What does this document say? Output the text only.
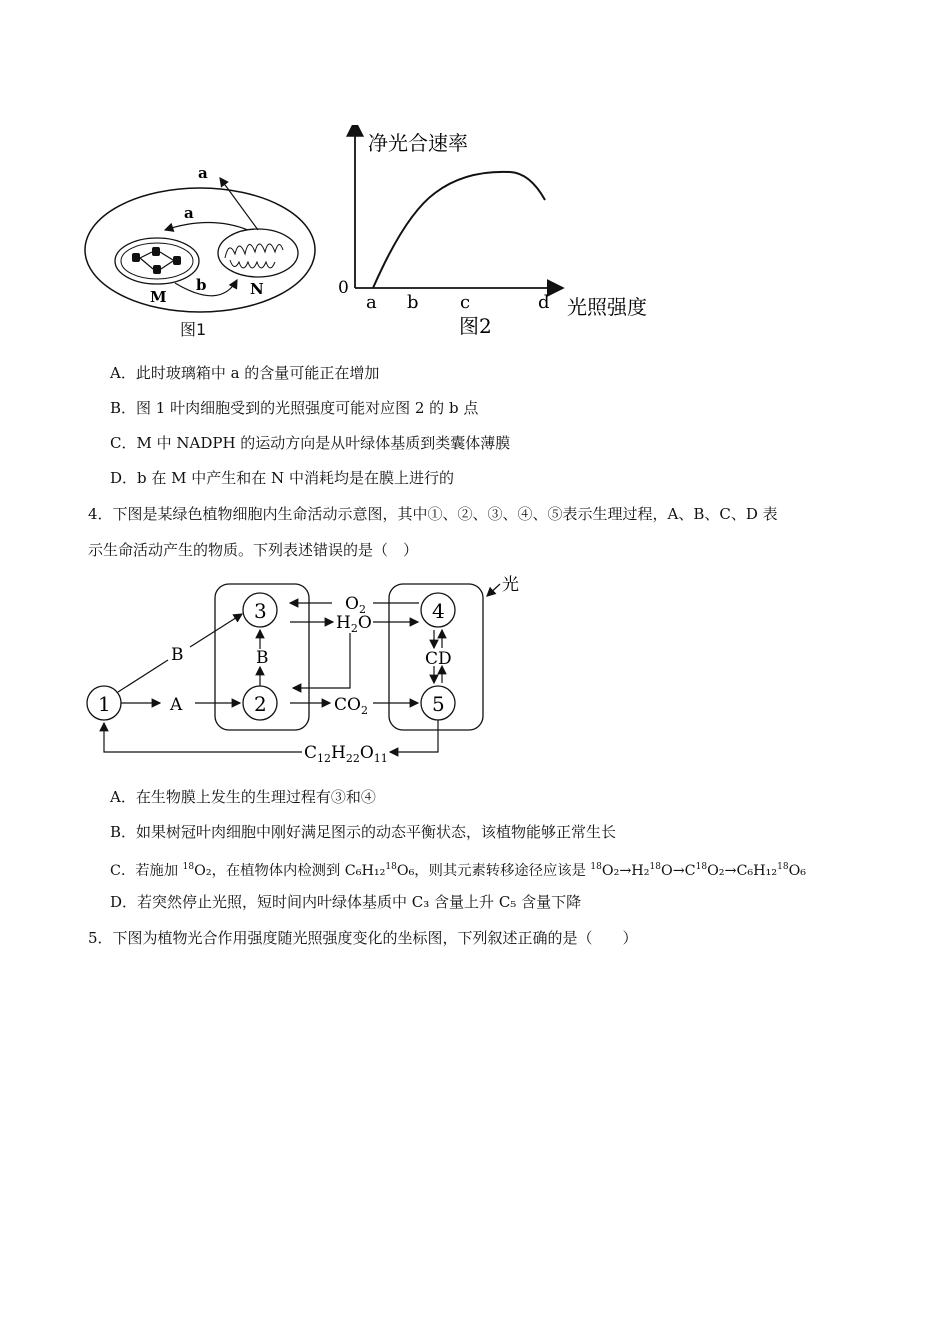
a
a
b
M	N
图1
净光合速率
0
a b c	d 光照强度
图2
A．此时玻璃箱中 a 的含量可能正在增加
B．图 1 叶肉细胞受到的光照强度可能对应图 2 的 b 点
C．M 中 NADPH 的运动方向是从叶绿体基质到类囊体薄膜
D．b 在 M 中产生和在 N 中消耗均是在膜上进行的
4．下图是某绿色植物细胞内生命活动示意图，其中①、②、③、④、⑤表示生理过程，A、B、C、D 表
示生命活动产生的物质。下列表述错误的是（　）
1	2
3	4
5
光
A
B	B
$O_2$
$H_2O$
CD
$CO_2$
$C_{12}H_{22}O_{11}$
A．在生物膜上发生的生理过程有③和④
B．如果树冠叶肉细胞中刚好满足图示的动态平衡状态，该植物能够正常生长
C．若施加 $^{18}$O₂，在植物体内检测到 C₆H₁₂$^{18}$O₆，则其元素转移途径应该是 $^{18}O_2\to H_2^{18}O\to C^{18}O_2\to C_6H_{12}^{18}O_6$
D．若突然停止光照，短时间内叶绿体基质中 C₃ 含量上升 C₅ 含量下降
5．下图为植物光合作用强度随光照强度变化的坐标图，下列叙述正确的是（　　）
